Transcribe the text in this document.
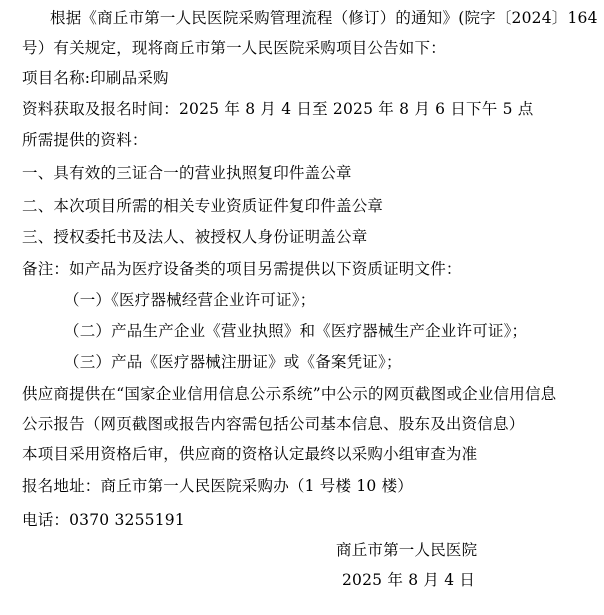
根据《商丘市第一人民医院采购管理流程（修订）的通知》(院字〔2024〕164
号）有关规定，现将商丘市第一人民医院采购项目公告如下：
项目名称:印刷品采购
资料获取及报名时间：2025 年 8 月 4 日至 2025 年 8 月 6 日下午 5 点
所需提供的资料：
一、具有效的三证合一的营业执照复印件盖公章
二、本次项目所需的相关专业资质证件复印件盖公章
三、授权委托书及法人、被授权人身份证明盖公章
备注：如产品为医疗设备类的项目另需提供以下资质证明文件：
（一）《医疗器械经营企业许可证》；
（二）产品生产企业《营业执照》和《医疗器械生产企业许可证》；
（三）产品《医疗器械注册证》或《备案凭证》；
供应商提供在“国家企业信用信息公示系统”中公示的网页截图或企业信用信息
公示报告（网页截图或报告内容需包括公司基本信息、股东及出资信息）
本项目采用资格后审，供应商的资格认定最终以采购小组审查为准
报名地址：商丘市第一人民医院采购办（1 号楼 10 楼）
电话：0370 3255191
商丘市第一人民医院
2025 年 8 月 4 日
